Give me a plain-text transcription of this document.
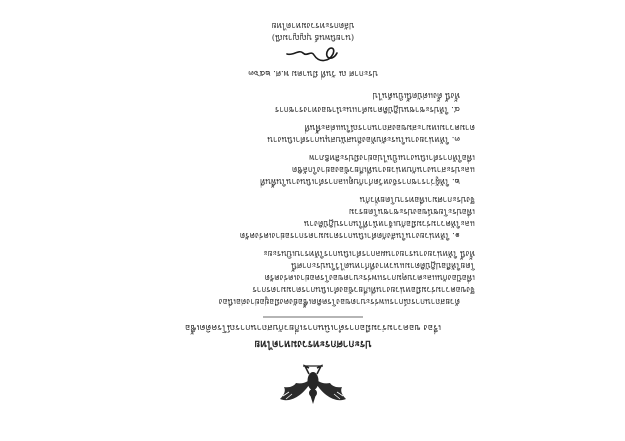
ประกาศกระทรวงมหาดไทย
เรื่อง ขอความร่วมมือการดำเนินการเกี่ยวกับสถานการณ์โรคติดเชื้อ
ด้วยสถานการณ์การแพร่ระบาดของโรคติดเชื้อยังคงมีอยู่อย่างต่อเนื่อง
จึงขอความร่วมมือหน่วยงานที่เกี่ยวข้องดำเนินการตามมาตรการ
เพื่อป้องกันและควบคุมการแพร่ระบาดของโรคอย่างเคร่งครัด
โดยให้ถือปฏิบัติตามแนวทางที่กำหนดไว้ในประกาศนี้
ทั้งนี้ ให้หน่วยงานรายงานผลการดำเนินการให้ทราบเป็นระยะ
๑. ให้หน่วยงานในสังกัดดำเนินการตามมาตรการอย่างเคร่งครัด
และให้ความร่วมมือกับเจ้าหน้าที่ในการปฏิบัติงาน
เพื่อประโยชน์ของประชาชนโดยรวม
จึงประกาศมาเพื่อทราบโดยทั่วกัน
๒. ให้ผู้ว่าราชการจังหวัดกำกับดูแลการดำเนินงานในพื้นที่
และประสานงานกับหน่วยงานที่เกี่ยวข้องอย่างใกล้ชิด
เพื่อให้การดำเนินงานเป็นไปอย่างมีประสิทธิภาพ
๓. ให้หน่วยงานในระดับท้องถิ่นสนับสนุนการดำเนินงาน
ตามความเหมาะสมของสถานการณ์ในแต่ละพื้นที่
๔. ให้ประชาชนปฏิบัติตามคำแนะนำของทางราชการ
ทั้งนี้ ตั้งแต่บัดนี้เป็นต้นไป
ประกาศ ณ วันที่ มีนาคม พ.ศ. ๒๕๖๓
(นายนิพนธ์ บุญญามณี)
ปลัดกระทรวงมหาดไทย
